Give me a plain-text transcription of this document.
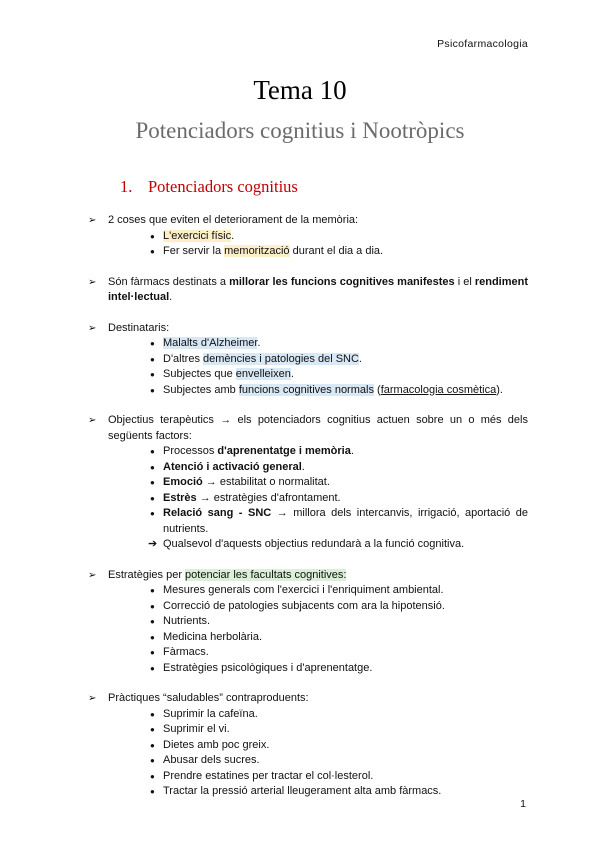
Psicofarmacologia
Tema 10
Potenciadors cognitius i Nootròpics
1. Potenciadors cognitius
➢ 2 coses que eviten el deteriorament de la memòria:
● L'exercici físic.
● Fer servir la memorització durant el dia a dia.
➢ Són fàrmacs destinats a millorar les funcions cognitives manifestes i el rendiment intel·lectual.
➢ Destinataris:
● Malalts d'Alzheimer.
● D'altres demències i patologies del SNC.
● Subjectes que envelleixen.
● Subjectes amb funcions cognitives normals (farmacologia cosmètica).
➢ Objectius terapèutics → els potenciadors cognitius actuen sobre un o més dels següents factors:
● Processos d'aprenentatge i memòria.
● Atenció i activació general.
● Emoció → estabilitat o normalitat.
● Estrès → estratègies d'afrontament.
● Relació sang - SNC → millora dels intercanvis, irrigació, aportació de nutrients.
➔ Qualsevol d'aquests objectius redundarà a la funció cognitiva.
➢ Estratègies per potenciar les facultats cognitives:
● Mesures generals com l'exercici i l'enriquiment ambiental.
● Correcció de patologies subjacents com ara la hipotensió.
● Nutrients.
● Medicina herbolària.
● Fàrmacs.
● Estratègies psicològiques i d'aprenentatge.
➢ Pràctiques “saludables” contraproduents:
● Suprimir la cafeïna.
● Suprimir el vi.
● Dietes amb poc greix.
● Abusar dels sucres.
● Prendre estatines per tractar el col·lesterol.
● Tractar la pressió arterial lleugerament alta amb fàrmacs.
1
